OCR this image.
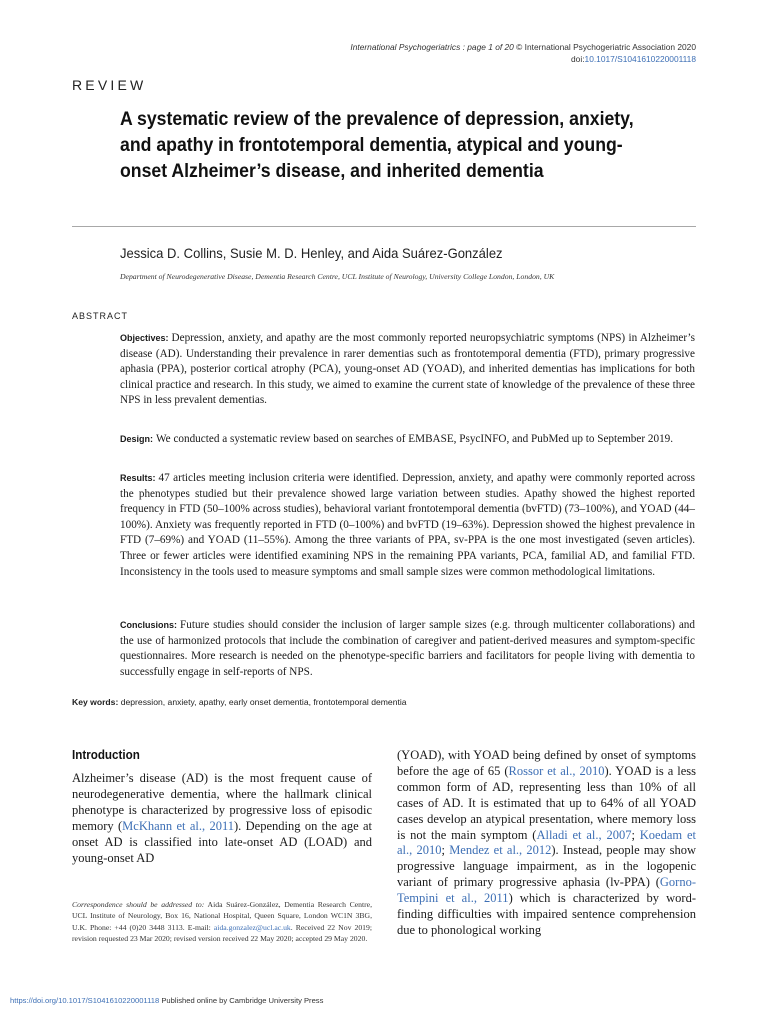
International Psychogeriatrics : page 1 of 20 © International Psychogeriatric Association 2020
doi:10.1017/S1041610220001118
REVIEW
A systematic review of the prevalence of depression, anxiety, and apathy in frontotemporal dementia, atypical and young-onset Alzheimer’s disease, and inherited dementia
Jessica D. Collins, Susie M. D. Henley, and Aida Suárez-González
Department of Neurodegenerative Disease, Dementia Research Centre, UCL Institute of Neurology, University College London, London, UK
ABSTRACT
Objectives: Depression, anxiety, and apathy are the most commonly reported neuropsychiatric symptoms (NPS) in Alzheimer’s disease (AD). Understanding their prevalence in rarer dementias such as frontotemporal dementia (FTD), primary progressive aphasia (PPA), posterior cortical atrophy (PCA), young-onset AD (YOAD), and inherited dementias has implications for both clinical practice and research. In this study, we aimed to examine the current state of knowledge of the prevalence of these three NPS in less prevalent dementias.
Design: We conducted a systematic review based on searches of EMBASE, PsycINFO, and PubMed up to September 2019.
Results: 47 articles meeting inclusion criteria were identified. Depression, anxiety, and apathy were commonly reported across the phenotypes studied but their prevalence showed large variation between studies. Apathy showed the highest reported frequency in FTD (50–100% across studies), behavioral variant frontotemporal dementia (bvFTD) (73–100%), and YOAD (44–100%). Anxiety was frequently reported in FTD (0–100%) and bvFTD (19–63%). Depression showed the highest prevalence in FTD (7–69%) and YOAD (11–55%). Among the three variants of PPA, sv-PPA is the one most investigated (seven articles). Three or fewer articles were identified examining NPS in the remaining PPA variants, PCA, familial AD, and familial FTD. Inconsistency in the tools used to measure symptoms and small sample sizes were common methodological limitations.
Conclusions: Future studies should consider the inclusion of larger sample sizes (e.g. through multicenter collaborations) and the use of harmonized protocols that include the combination of caregiver and patient-derived measures and symptom-specific questionnaires. More research is needed on the phenotype-specific barriers and facilitators for people living with dementia to successfully engage in self-reports of NPS.
Key words: depression, anxiety, apathy, early onset dementia, frontotemporal dementia
Introduction
Alzheimer’s disease (AD) is the most frequent cause of neurodegenerative dementia, where the hallmark clinical phenotype is characterized by progressive loss of episodic memory (McKhann et al., 2011). Depending on the age at onset AD is classified into late-onset AD (LOAD) and young-onset AD
(YOAD), with YOAD being defined by onset of symptoms before the age of 65 (Rossor et al., 2010). YOAD is a less common form of AD, representing less than 10% of all cases of AD. It is estimated that up to 64% of all YOAD cases develop an atypical presentation, where memory loss is not the main symptom (Alladi et al., 2007; Koedam et al., 2010; Mendez et al., 2012). Instead, people may show progressive language impairment, as in the logopenic variant of primary progressive aphasia (lv-PPA) (Gorno-Tempini et al., 2011) which is characterized by word-finding difficulties with impaired sentence comprehension due to phonological working
Correspondence should be addressed to: Aida Suárez-González, Dementia Research Centre, UCL Institute of Neurology, Box 16, National Hospital, Queen Square, London WC1N 3BG, U.K. Phone: +44 (0)20 3448 3113. E-mail: aida.gonzalez@ucl.ac.uk. Received 22 Nov 2019; revision requested 23 Mar 2020; revised version received 22 May 2020; accepted 29 May 2020.
https://doi.org/10.1017/S1041610220001118 Published online by Cambridge University Press
